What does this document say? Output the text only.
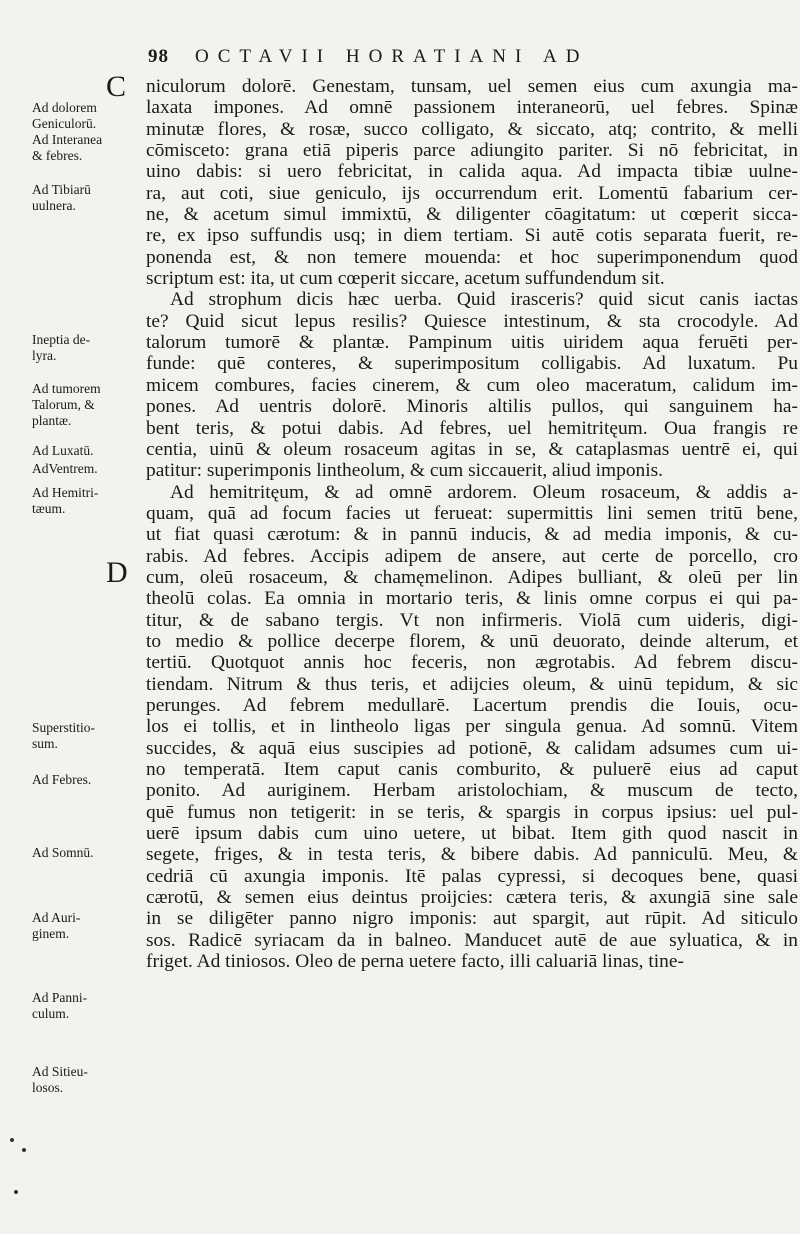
98 OCTAVII HORATIANI AD
C
D

Ad dolorem
Geniculorū.
Ad Interanea
& febres.

Ad Tibiarū
uulnera.

Ineptia de-
lyra.

Ad tumorem
Talorum, &
plantæ.

Ad Luxatū.

AdVentrem.

Ad Hemitri-
tæum.

Superstitio-
sum.

Ad Febres.

Ad Somnū.

Ad Auri-
ginem.

Ad Panni-
culum.

Ad Sitieu-
losos.

niculorum dolorē. Genestam, tunsam, uel semen eius cum axungia ma-
laxata impones. Ad omnē passionem interaneorū, uel febres. Spinæ
minutæ flores, & rosæ, succo colligato, & siccato, atq; contrito, & melli
cōmisceto: grana etiā piperis parce adiungito pariter. Si nō febricitat, in
uino dabis: si uero febricitat, in calida aqua. Ad impacta tibiæ uulne-
ra, aut coti, siue geniculo, ijs occurrendum erit. Lomentū fabarium cer-
ne, & acetum simul immixtū, & diligenter cōagitatum: ut cœperit sicca-
re, ex ipso suffundis usq; in diem tertiam. Si autē cotis separata fuerit, re-
ponenda est, & non temere mouenda: et hoc superimponendum quod
scriptum est: ita, ut cum cœperit siccare, acetum suffundendum sit.
Ad strophum dicis hæc uerba. Quid irasceris? quid sicut canis iactas
te? Quid sicut lepus resilis? Quiesce intestinum, & sta crocodyle. Ad
talorum tumorē & plantæ. Pampinum uitis uiridem aqua feruēti per-
funde: quē conteres, & superimpositum colligabis. Ad luxatum. Pu
micem combures, facies cinerem, & cum oleo maceratum, calidum im-
pones. Ad uentris dolorē. Minoris altilis pullos, qui sanguinem ha-
bent teris, & potui dabis. Ad febres, uel hemitritęum. Oua frangis re
centia, uinū & oleum rosaceum agitas in se, & cataplasmas uentrē ei, qui
patitur: superimponis lintheolum, & cum siccauerit, aliud imponis.
Ad hemitritęum, & ad omnē ardorem. Oleum rosaceum, & addis a-
quam, quā ad focum facies ut ferueat: supermittis lini semen tritū bene,
ut fiat quasi cærotum: & in pannū inducis, & ad media imponis, & cu-
rabis. Ad febres. Accipis adipem de ansere, aut certe de porcello, cro
cum, oleū rosaceum, & chamęmelinon. Adipes bulliant, & oleū per lin
theolū colas. Ea omnia in mortario teris, & linis omne corpus ei qui pa-
titur, & de sabano tergis. Vt non infirmeris. Violā cum uideris, digi-
to medio & pollice decerpe florem, & unū deuorato, deinde alterum, et
tertiū. Quotquot annis hoc feceris, non ægrotabis. Ad febrem discu-
tiendam. Nitrum & thus teris, et adijcies oleum, & uinū tepidum, & sic
perunges. Ad febrem medullarē. Lacertum prendis die Iouis, ocu-
los ei tollis, et in lintheolo ligas per singula genua. Ad somnū. Vitem
succides, & aquā eius suscipies ad potionē, & calidam adsumes cum ui-
no temperatā. Item caput canis comburito, & puluerē eius ad caput
ponito. Ad auriginem. Herbam aristolochiam, & muscum de tecto,
quē fumus non tetigerit: in se teris, & spargis in corpus ipsius: uel pul-
uerē ipsum dabis cum uino uetere, ut bibat. Item gith quod nascit in
segete, friges, & in testa teris, & bibere dabis. Ad panniculū. Meu, &
cedriā cū axungia imponis. Itē palas cypressi, si decoques bene, quasi
cærotū, & semen eius deintus proijcies: cætera teris, & axungiā sine sale
in se diligēter panno nigro imponis: aut spargit, aut rūpit. Ad siticulo
sos. Radicē syriacam da in balneo. Manducet autē de aue syluatica, & in
friget. Ad tiniosos. Oleo de perna uetere facto, illi caluariā linas, tine-
